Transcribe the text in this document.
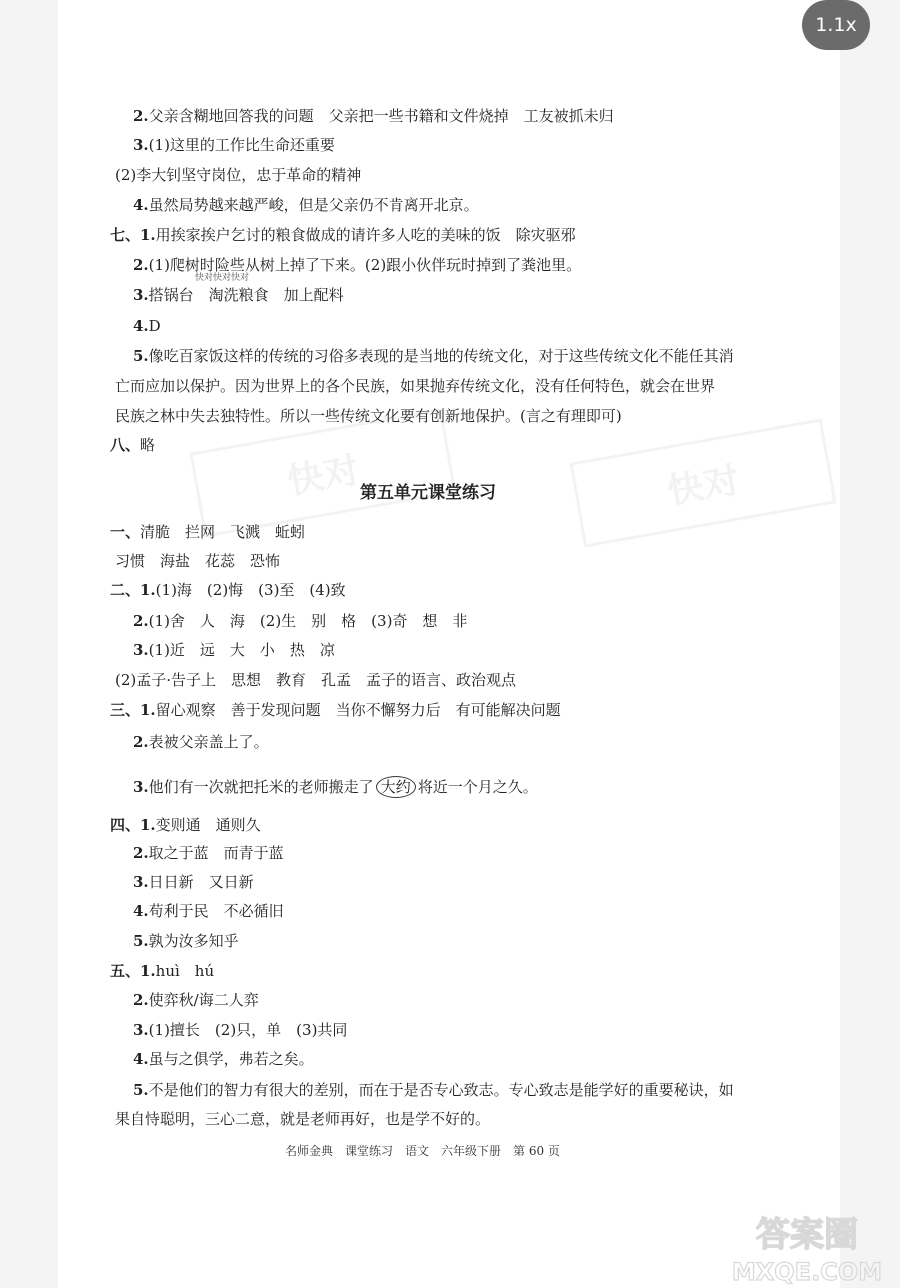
1.1x
快对	快对
快对快对快对
2.父亲含糊地回答我的问题　父亲把一些书籍和文件烧掉　工友被抓未归
3.(1)这里的工作比生命还重要
(2)李大钊坚守岗位，忠于革命的精神
4.虽然局势越来越严峻，但是父亲仍不肯离开北京。
七、1.用挨家挨户乞讨的粮食做成的请许多人吃的美味的饭　除灾驱邪
2.(1)爬树时险些从树上掉了下来。(2)跟小伙伴玩时掉到了粪池里。
3.搭锅台　淘洗粮食　加上配料
4.D
5.像吃百家饭这样的传统的习俗多表现的是当地的传统文化，对于这些传统文化不能任其消
亡而应加以保护。因为世界上的各个民族，如果抛弃传统文化，没有任何特色，就会在世界
民族之林中失去独特性。所以一些传统文化要有创新地保护。(言之有理即可)
八、略
第五单元课堂练习
一、清脆　拦网　飞溅　蚯蚓
习惯　海盐　花蕊　恐怖
二、1.(1)海　(2)悔　(3)至　(4)致
2.(1)舍　人　海　(2)生　别　格　(3)奇　想　非
3.(1)近　远　大　小　热　凉
(2)孟子·告子上　思想　教育　孔孟　孟子的语言、政治观点
三、1.留心观察　善于发现问题　当你不懈努力后　有可能解决问题
2.表被父亲盖上了。
3.他们有一次就把托米的老师搬走了 大约 将近一个月之久。
四、1.变则通　通则久
2.取之于蓝　而青于蓝
3.日日新　又日新
4.苟利于民　不必循旧
5.孰为汝多知乎
五、1.huì　hú
2.使弈秋/诲二人弈
3.(1)擅长　(2)只，单　(3)共同
4.虽与之俱学，弗若之矣。
5.不是他们的智力有很大的差别，而在于是否专心致志。专心致志是能学好的重要秘诀，如
果自恃聪明，三心二意，就是老师再好，也是学不好的。
名师金典　课堂练习　语文　六年级下册　第 60 页
答案圈
MXQE.COM
